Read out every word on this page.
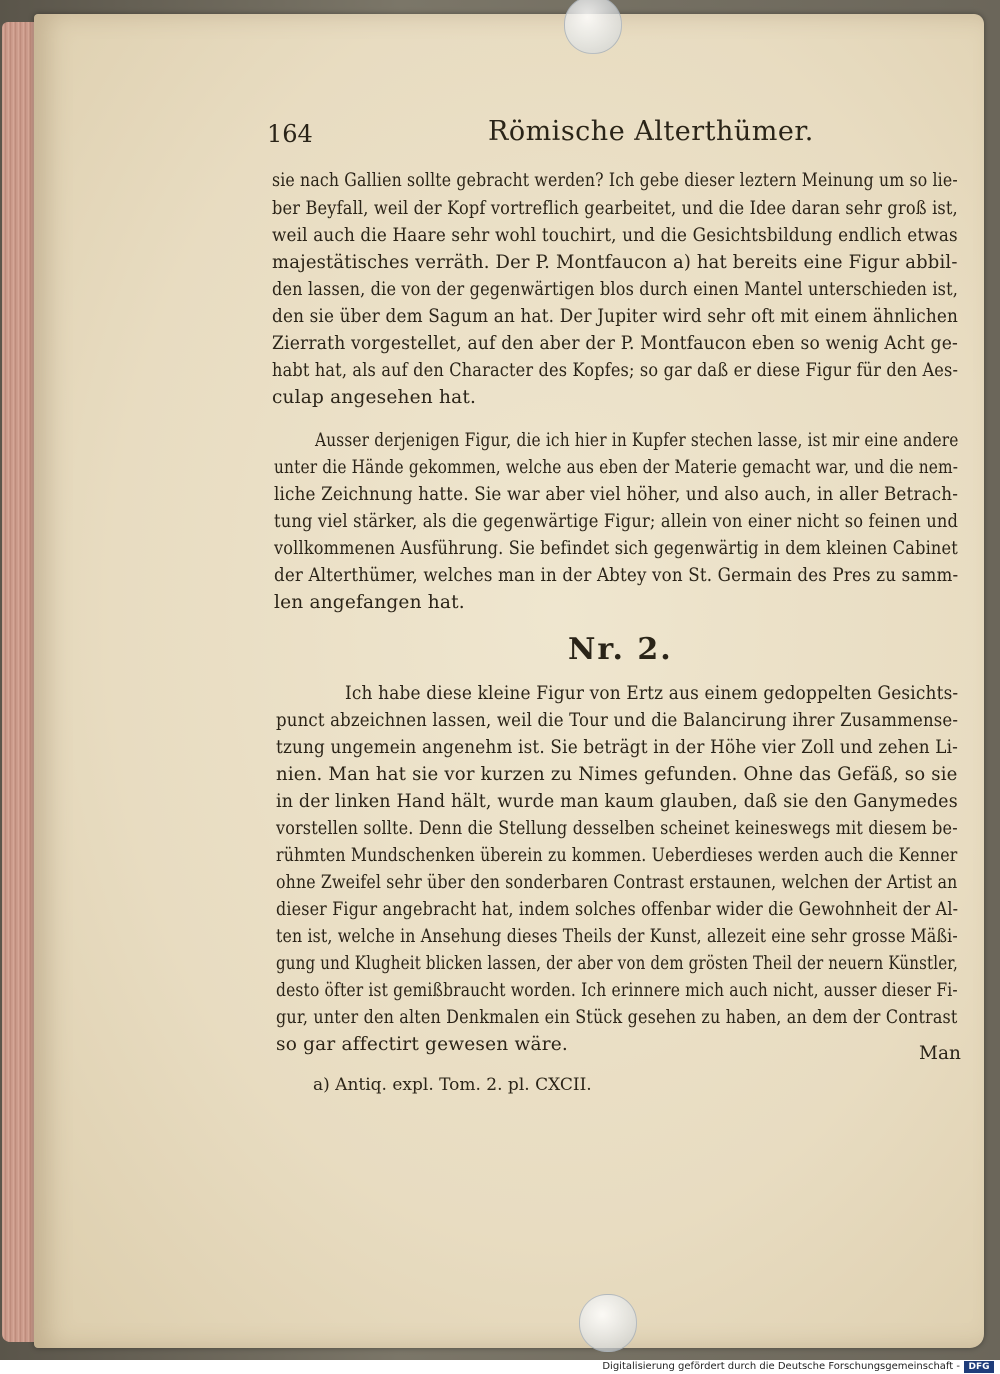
164	Römische Alterthümer.
sie nach Gallien sollte gebracht werden? Ich gebe dieser leztern Meinung um so lie-
ber Beyfall, weil der Kopf vortreflich gearbeitet, und die Idee daran sehr groß ist,
weil auch die Haare sehr wohl touchirt, und die Gesichtsbildung endlich etwas
majestätisches verräth. Der P. Montfaucon a) hat bereits eine Figur abbil-
den lassen, die von der gegenwärtigen blos durch einen Mantel unterschieden ist,
den sie über dem Sagum an hat. Der Jupiter wird sehr oft mit einem ähnlichen
Zierrath vorgestellet, auf den aber der P. Montfaucon eben so wenig Acht ge-
habt hat, als auf den Character des Kopfes; so gar daß er diese Figur für den Aes-
culap angesehen hat.
Ausser derjenigen Figur, die ich hier in Kupfer stechen lasse, ist mir eine andere
unter die Hände gekommen, welche aus eben der Materie gemacht war, und die nem-
liche Zeichnung hatte. Sie war aber viel höher, und also auch, in aller Betrach-
tung viel stärker, als die gegenwärtige Figur; allein von einer nicht so feinen und
vollkommenen Ausführung. Sie befindet sich gegenwärtig in dem kleinen Cabinet
der Alterthümer, welches man in der Abtey von St. Germain des Pres zu samm-
len angefangen hat.
Nr. 2.
Ich habe diese kleine Figur von Ertz aus einem gedoppelten Gesichts-
punct abzeichnen lassen, weil die Tour und die Balancirung ihrer Zusammense-
tzung ungemein angenehm ist. Sie beträgt in der Höhe vier Zoll und zehen Li-
nien. Man hat sie vor kurzen zu Nimes gefunden. Ohne das Gefäß, so sie
in der linken Hand hält, wurde man kaum glauben, daß sie den Ganymedes
vorstellen sollte. Denn die Stellung desselben scheinet keineswegs mit diesem be-
rühmten Mundschenken überein zu kommen. Ueberdieses werden auch die Kenner
ohne Zweifel sehr über den sonderbaren Contrast erstaunen, welchen der Artist an
dieser Figur angebracht hat, indem solches offenbar wider die Gewohnheit der Al-
ten ist, welche in Ansehung dieses Theils der Kunst, allezeit eine sehr grosse Mäßi-
gung und Klugheit blicken lassen, der aber von dem grösten Theil der neuern Künstler,
desto öfter ist gemißbraucht worden. Ich erinnere mich auch nicht, ausser dieser Fi-
gur, unter den alten Denkmalen ein Stück gesehen zu haben, an dem der Contrast
so gar affectirt gewesen wäre.	Man
a) Antiq. expl. Tom. 2. pl. CXCII.
Digitalisierung gefördert durch die Deutsche Forschungsgemeinschaft - DFG
